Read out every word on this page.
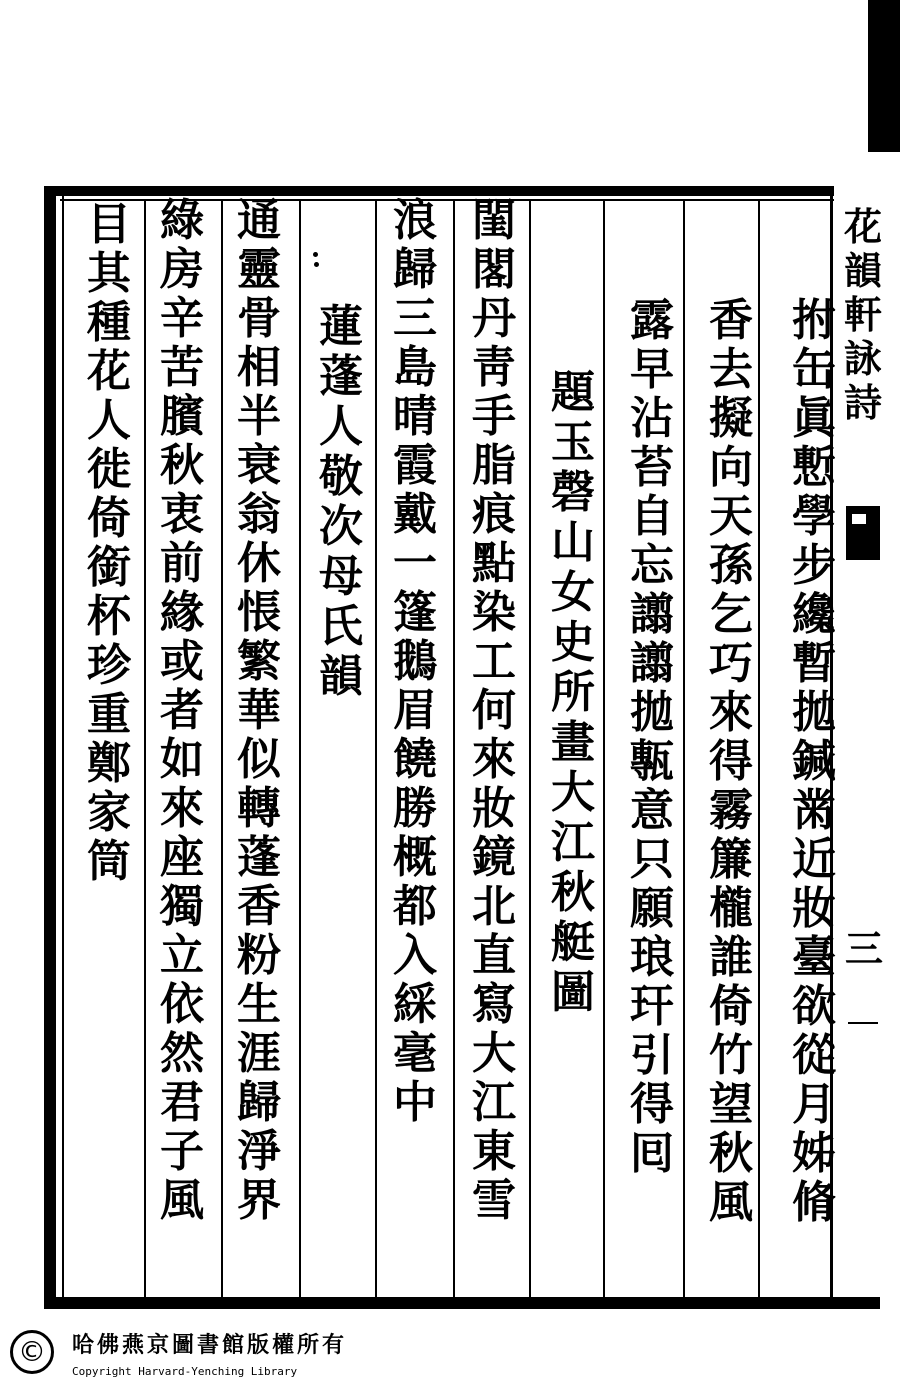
花韻軒詠詩
三
拊
缶
眞
慙
學
步
纔
暫
拋
鍼
黹
近
妝
臺
欲
從
月
姊
脩
香
去
擬
向
天
孫
乞
巧
來
得
霧
簾
櫳
誰
倚
竹
望
秋
風
露
早
沾
苔
自
忘
譾
譾
拋
甎
意
只
願
琅
玕
引
得
囘
題
玉
磬
山
女
史
所
畫
大
江
秋
艇
圖
閨
閣
丹
靑
手
脂
痕
點
染
工
何
來
妝
鏡
北
直
寫
大
江
東
雪
浪
歸
三
島
晴
霞
戴
一
篷
鵝
眉
饒
勝
概
都
入
綵
毫
中
蓮
蓬
人
敬
次
母
氏
韻
通
靈
骨
相
半
衰
翁
休
悵
繁
華
似
轉
蓬
香
粉
生
涯
歸
淨
界
綠
房
辛
苦
臏
秋
衷
前
緣
或
者
如
來
座
獨
立
依
然
君
子
風
目
其
種
花
人
徙
倚
銜
杯
珍
重
鄭
家
筒
©	哈佛燕京圖書館版權所有
Copyright Harvard-Yenching Library
